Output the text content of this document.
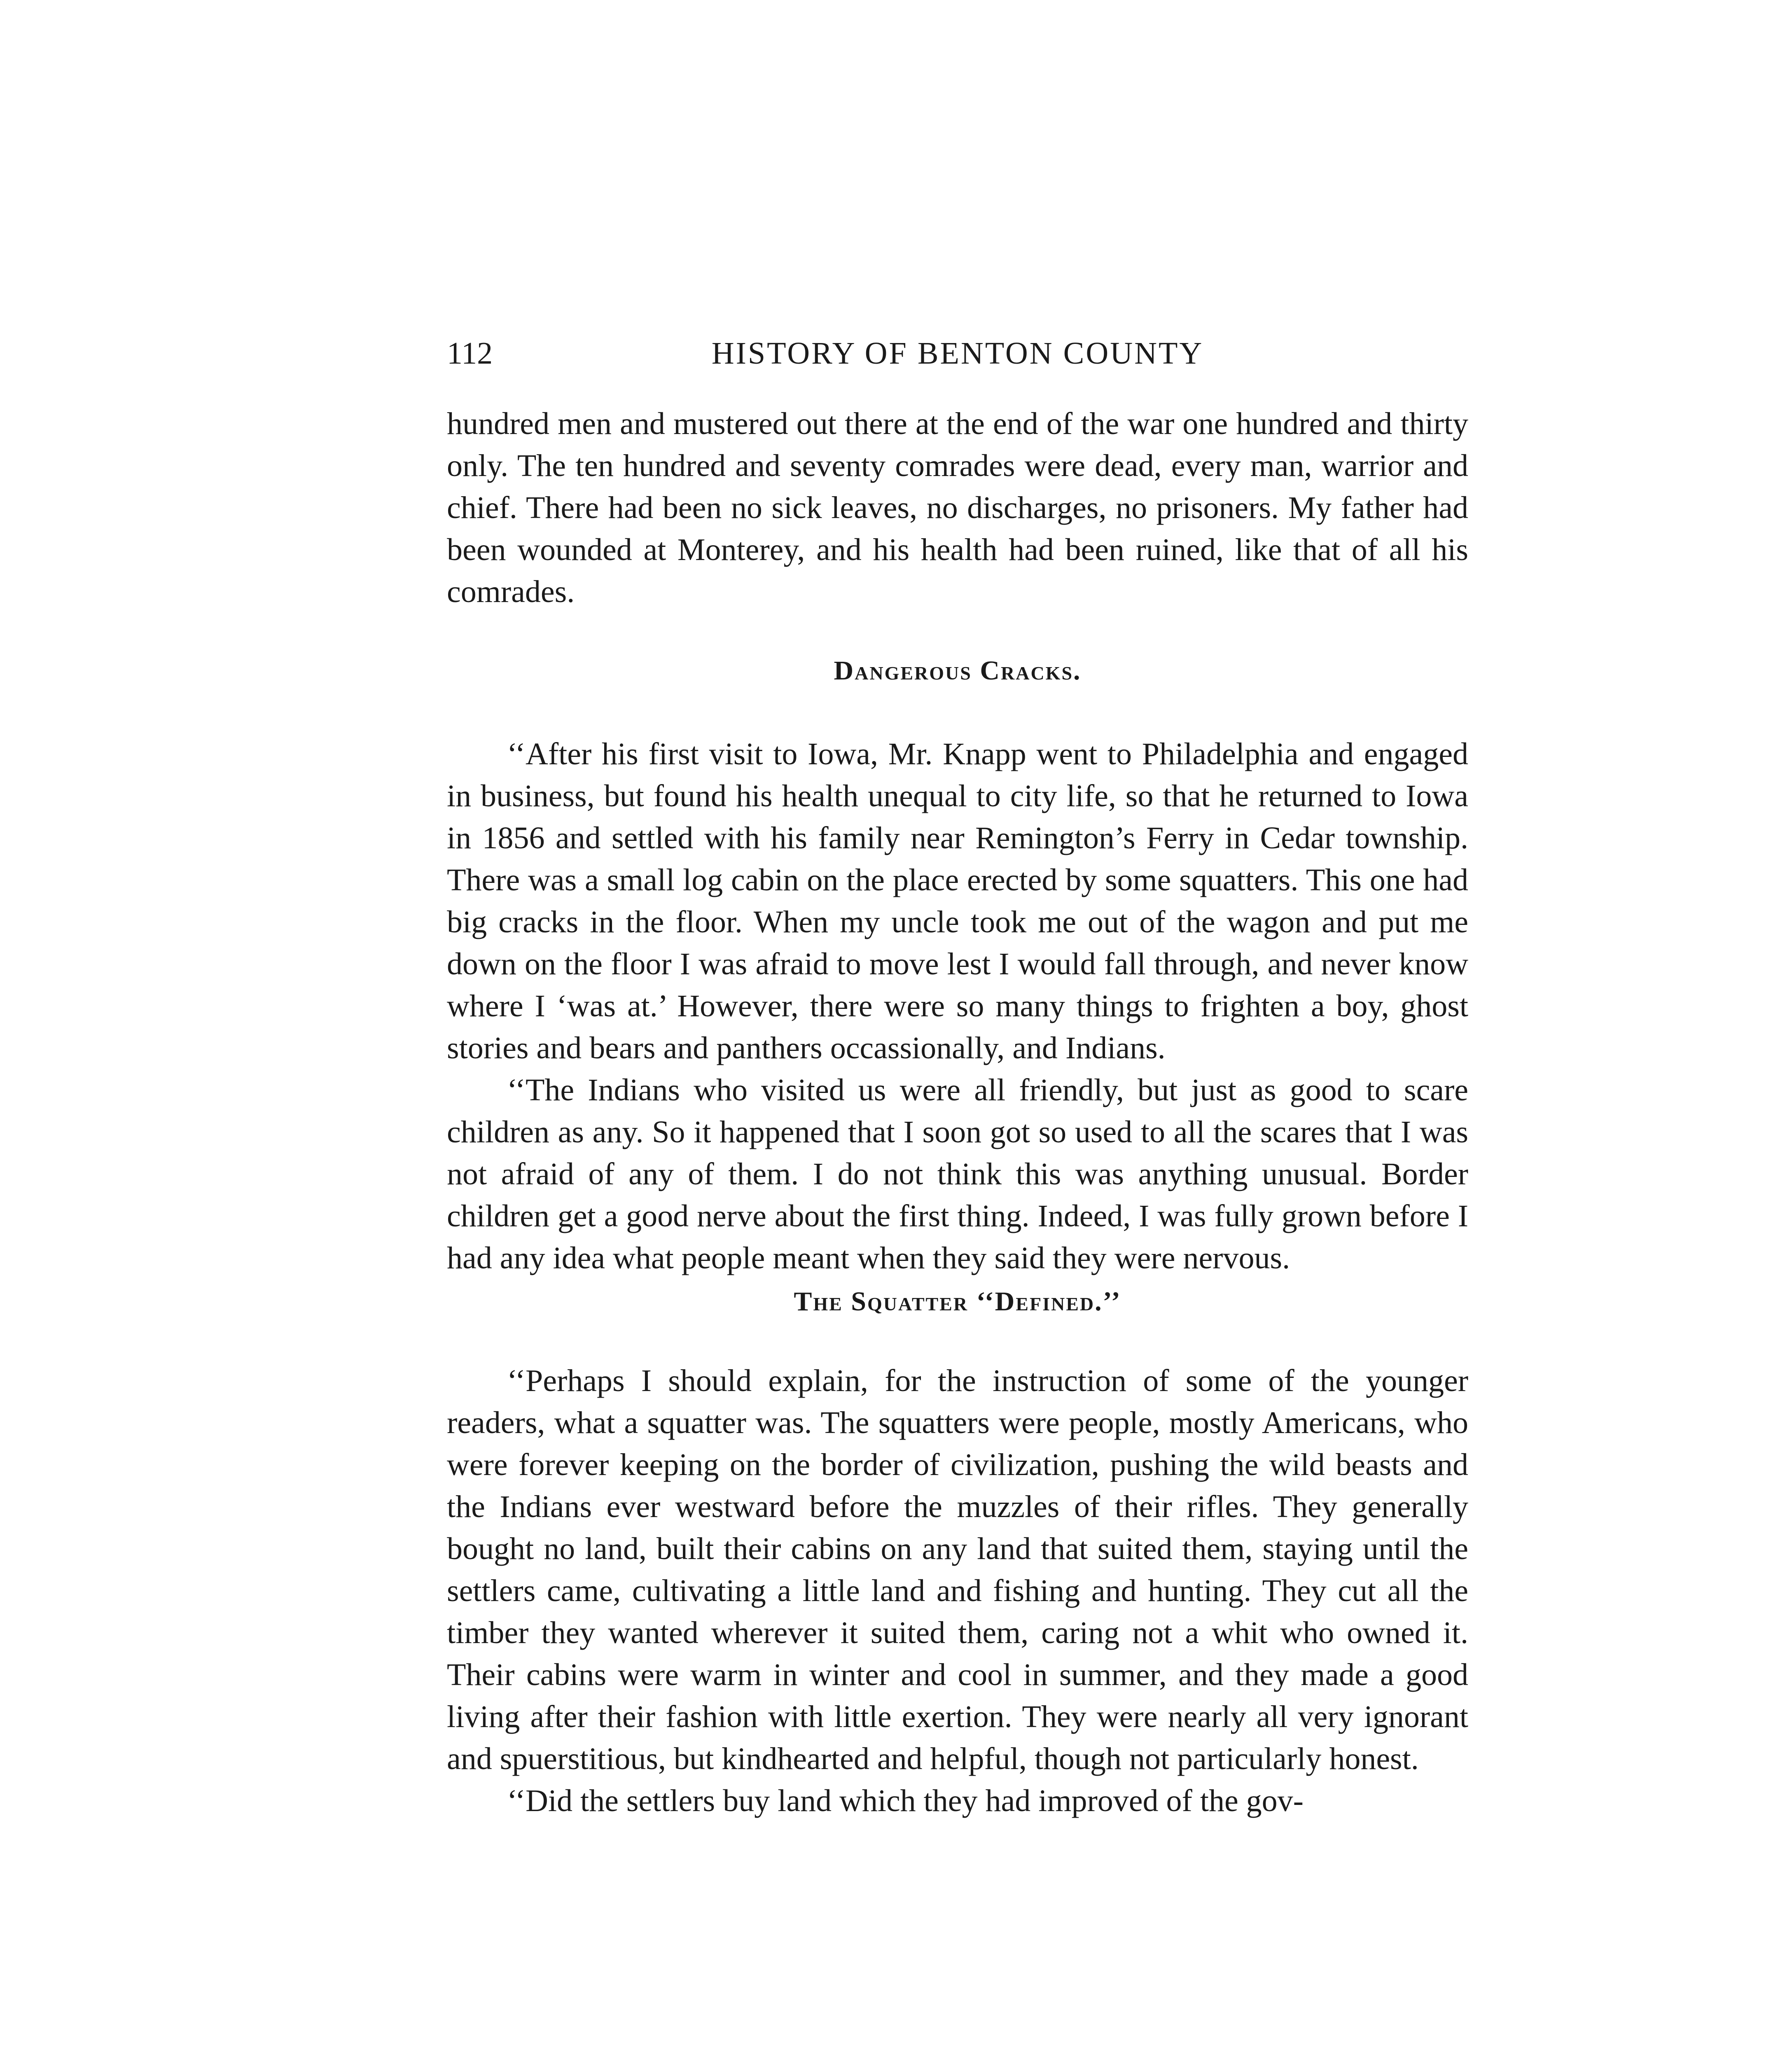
112	HISTORY OF BENTON COUNTY

hundred men and mustered out there at the end of the war one hundred and thirty only. The ten hundred and seventy comrades were dead, every man, warrior and chief. There had been no sick leaves, no discharges, no prisoners. My father had been wounded at Monterey, and his health had been ruined, like that of all his comrades.

Dangerous Cracks.

‘‘After his first visit to Iowa, Mr. Knapp went to Philadelphia and engaged in business, but found his health unequal to city life, so that he returned to Iowa in 1856 and settled with his family near Remington’s Ferry in Cedar township. There was a small log cabin on the place erected by some squatters. This one had big cracks in the floor. When my uncle took me out of the wagon and put me down on the floor I was afraid to move lest I would fall through, and never know where I ‘was at.’ However, there were so many things to frighten a boy, ghost stories and bears and panthers occassionally, and Indians.

‘‘The Indians who visited us were all friendly, but just as good to scare children as any. So it happened that I soon got so used to all the scares that I was not afraid of any of them. I do not think this was anything unusual. Border children get a good nerve about the first thing. Indeed, I was fully grown before I had any idea what people meant when they said they were nervous.

The Squatter ‘‘Defined.’’

‘‘Perhaps I should explain, for the instruction of some of the younger readers, what a squatter was. The squatters were people, mostly Americans, who were forever keeping on the border of civilization, pushing the wild beasts and the Indians ever westward before the muzzles of their rifles. They generally bought no land, built their cabins on any land that suited them, staying until the settlers came, cultivating a little land and fishing and hunting. They cut all the timber they wanted wherever it suited them, caring not a whit who owned it. Their cabins were warm in winter and cool in summer, and they made a good living after their fashion with little exertion. They were nearly all very ignorant and spuerstitious, but kindhearted and helpful, though not particularly honest.

‘‘Did the settlers buy land which they had improved of the gov-
